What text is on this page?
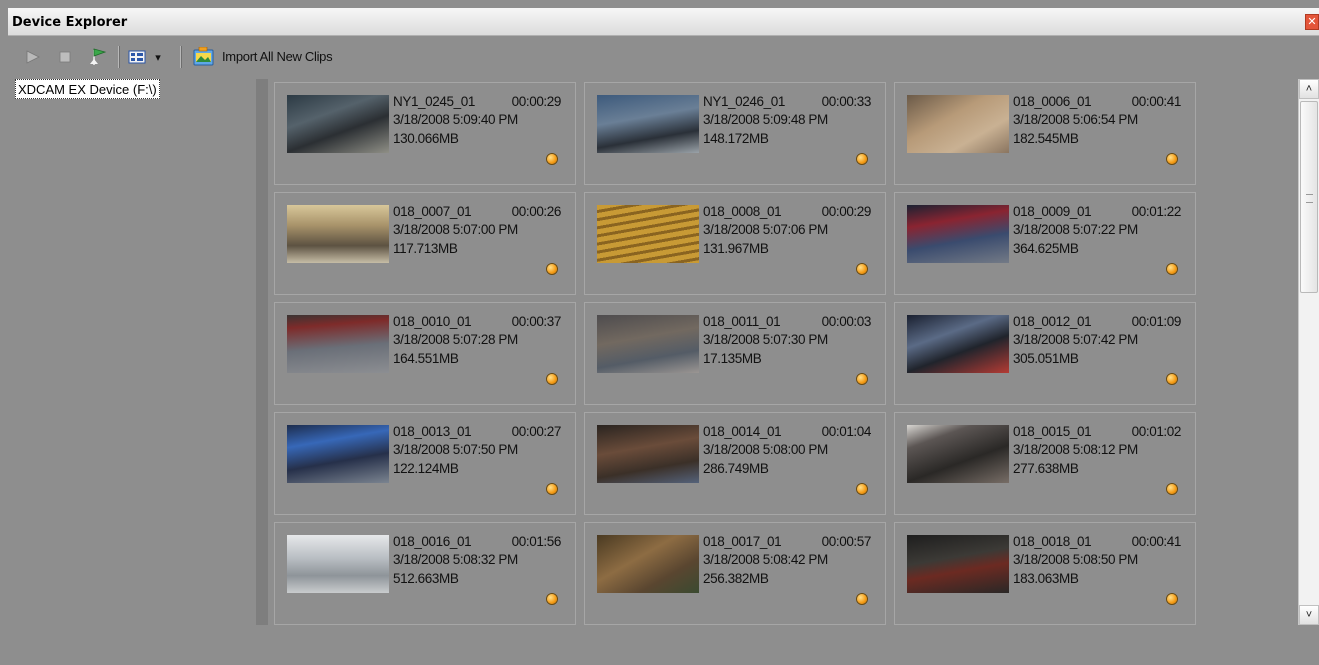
Device Explorer	✕
▾	Import All New Clips
XDCAM EX Device (F:\)
NY1_0245_01	00:00:29
3/18/2008 5:09:40 PM
130.066MB
NY1_0246_01	00:00:33
3/18/2008 5:09:48 PM
148.172MB
018_0006_01	00:00:41
3/18/2008 5:06:54 PM
182.545MB
018_0007_01	00:00:26
3/18/2008 5:07:00 PM
117.713MB
018_0008_01	00:00:29
3/18/2008 5:07:06 PM
131.967MB
018_0009_01	00:01:22
3/18/2008 5:07:22 PM
364.625MB
018_0010_01	00:00:37
3/18/2008 5:07:28 PM
164.551MB
018_0011_01	00:00:03
3/18/2008 5:07:30 PM
17.135MB
018_0012_01	00:01:09
3/18/2008 5:07:42 PM
305.051MB
018_0013_01	00:00:27
3/18/2008 5:07:50 PM
122.124MB
018_0014_01	00:01:04
3/18/2008 5:08:00 PM
286.749MB
018_0015_01	00:01:02
3/18/2008 5:08:12 PM
277.638MB
018_0016_01	00:01:56
3/18/2008 5:08:32 PM
512.663MB
018_0017_01	00:00:57
3/18/2008 5:08:42 PM
256.382MB
018_0018_01	00:00:41
3/18/2008 5:08:50 PM
183.063MB
˄
˅
